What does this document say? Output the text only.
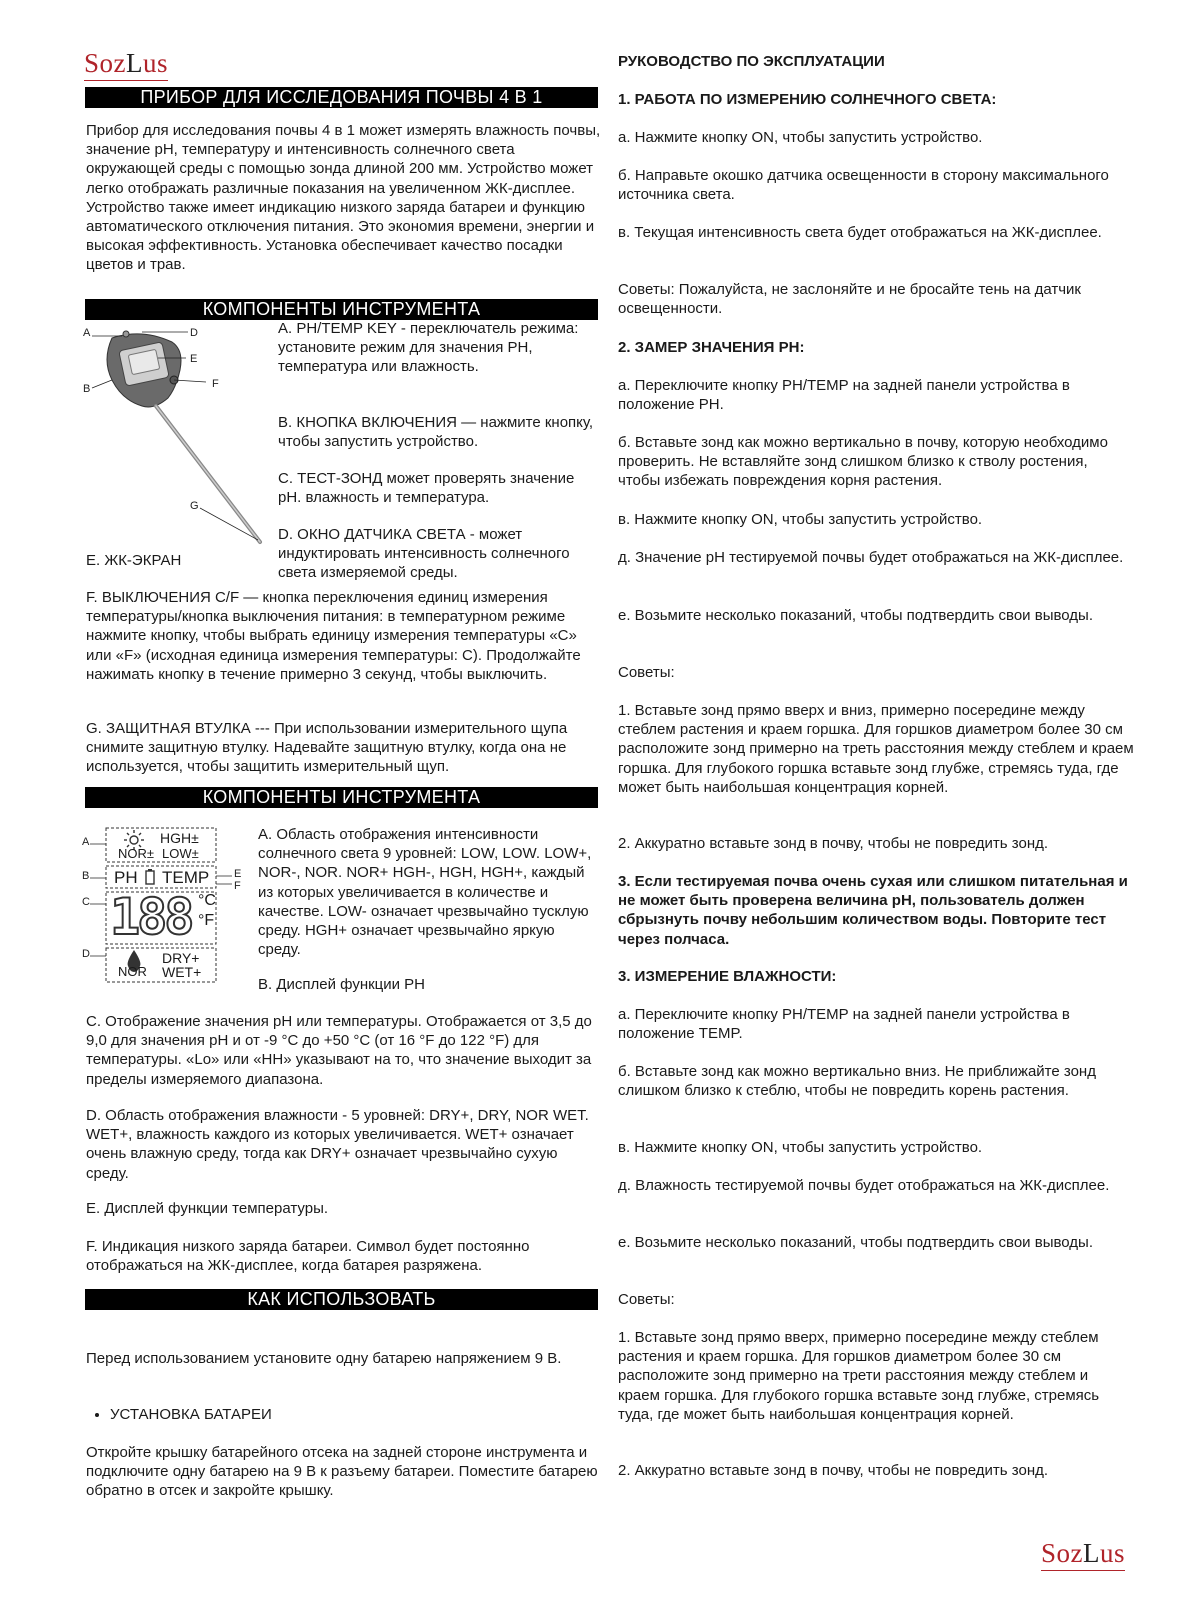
SozLus
SozLus
ПРИБОР ДЛЯ ИССЛЕДОВАНИЯ ПОЧВЫ 4 В 1

Прибор для исследования почвы 4 в 1 может измерять влажность почвы, значение pH, температуру и интенсивность солнечного света окружающей среды с помощью зонда длиной 200 мм. Устройство может легко отображать различные показания на увеличенном ЖК-дисплее. Устройство также имеет индикацию низкого заряда батареи и функцию автоматического отключения питания. Это экономия времени, энергии и высокая эффективность. Установка обеспечивает качество посадки цветов и трав.

КОМПОНЕНТЫ ИНСТРУМЕНТА
A	D
E
F
B
G

A. PH/TEMP KEY - переключатель режима: установите режим для значения PH, температура или влажность.

B. КНОПКА ВКЛЮЧЕНИЯ — нажмите кнопку, чтобы запустить устройство.

C. ТЕСТ-ЗОНД может проверять значение pH. влажность и температура.

D. ОКНО ДАТЧИКА СВЕТА - может индуктировать интенсивность солнечного света измеряемой среды.

E. ЖК-ЭКРАН

F. ВЫКЛЮЧЕНИЯ C/F — кнопка переключения единиц измерения температуры/кнопка выключения питания: в температурном режиме нажмите кнопку, чтобы выбрать единицу измерения температуры «C» или «F» (исходная единица измерения температуры: C). Продолжайте нажимать кнопку в течение примерно 3 секунд, чтобы выключить.

G. ЗАЩИТНАЯ ВТУЛКА --- При использовании измерительного щупа снимите защитную втулку. Надевайте защитную втулку, когда она не используется, чтобы защитить измерительный щуп.

КОМПОНЕНТЫ ИНСТРУМЕНТА
A
B
C
D
E
F
HGH±
NOR± LOW±
PH TEMP
188 °C
°F
DRY+
NOR WET+

A. Область отображения интенсивности солнечного света 9 уровней: LOW, LOW. LOW+, NOR-, NOR. NOR+ HGH-, HGH, HGH+, каждый из которых увеличивается в количестве и качестве. LOW- означает чрезвычайно тусклую среду. HGH+ означает чрезвычайно яркую среду.

B. Дисплей функции PH

C. Отображение значения pH или температуры. Отображается от 3,5 до 9,0 для значения pH и от -9 °C до +50 °C (от 16 °F до 122 °F) для температуры. «Lo» или «HH» указывают на то, что значение выходит за пределы измеряемого диапазона.

D. Область отображения влажности - 5 уровней: DRY+, DRY, NOR WET. WET+, влажность каждого из которых увеличивается. WET+ означает очень влажную среду, тогда как DRY+ означает чрезвычайно сухую среду.

E. Дисплей функции температуры.

F. Индикация низкого заряда батареи. Символ будет постоянно отображаться на ЖК-дисплее, когда батарея разряжена.

КАК ИСПОЛЬЗОВАТЬ

Перед использованием установите одну батарею напряжением 9 В.

• УСТАНОВКА БАТАРЕИ

Откройте крышку батарейного отсека на задней стороне инструмента и подключите одну батарею на 9 В к разъему батареи. Поместите батарею обратно в отсек и закройте крышку.

РУКОВОДСТВО ПО ЭКСПЛУАТАЦИИ

1. РАБОТА ПО ИЗМЕРЕНИЮ СОЛНЕЧНОГО СВЕТА:

а. Нажмите кнопку ON, чтобы запустить устройство.

б. Направьте окошко датчика освещенности в сторону максимального источника света.

в. Текущая интенсивность света будет отображаться на ЖК-дисплее.

Советы: Пожалуйста, не заслоняйте и не бросайте тень на датчик освещенности.

2. ЗАМЕР ЗНАЧЕНИЯ PH:

а. Переключите кнопку PH/TEMP на задней панели устройства в положение PH.

б. Вставьте зонд как можно вертикально в почву, которую необходимо проверить. Не вставляйте зонд слишком близко к стволу ростения, чтобы избежать повреждения корня растения.

в. Нажмите кнопку ON, чтобы запустить устройство.

д. Значение pH тестируемой почвы будет отображаться на ЖК-дисплее.

е. Возьмите несколько показаний, чтобы подтвердить свои выводы.

Советы:

1. Вставьте зонд прямо вверх и вниз, примерно посередине между стеблем растения и краем горшка. Для горшков диаметром более 30 см расположите зонд примерно на треть расстояния между стеблем и краем горшка. Для глубокого горшка вставьте зонд глубже, стремясь туда, где может быть наибольшая концентрация корней.

2. Аккуратно вставьте зонд в почву, чтобы не повредить зонд.

3. Если тестируемая почва очень сухая или слишком питательная и не может быть проверена величина pH, пользователь должен сбрызнуть почву небольшим количеством воды. Повторите тест через полчаса.

3. ИЗМЕРЕНИЕ ВЛАЖНОСТИ:

а. Переключите кнопку PH/TEMP на задней панели устройства в положение TEMP.

б. Вставьте зонд как можно вертикально вниз. Не приближайте зонд слишком близко к стеблю, чтобы не повредить корень растения.

в. Нажмите кнопку ON, чтобы запустить устройство.

д. Влажность тестируемой почвы будет отображаться на ЖК-дисплее.

е. Возьмите несколько показаний, чтобы подтвердить свои выводы.

Советы:

1. Вставьте зонд прямо вверх, примерно посередине между стеблем растения и краем горшка. Для горшков диаметром более 30 см расположите зонд примерно на трети расстояния между стеблем и краем горшка. Для глубокого горшка вставьте зонд глубже, стремясь туда, где может быть наибольшая концентрация корней.

2. Аккуратно вставьте зонд в почву, чтобы не повредить зонд.
